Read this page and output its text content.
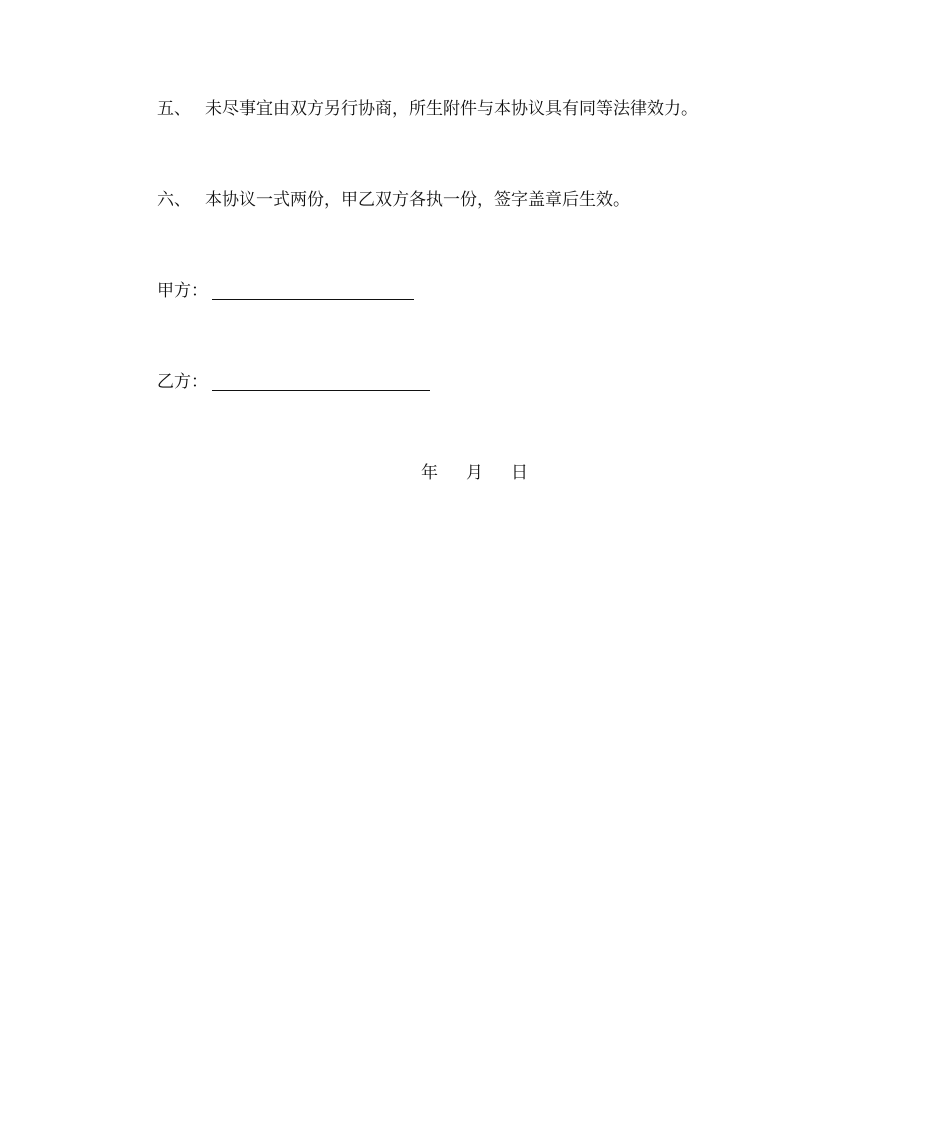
五、 未尽事宜由双方另行协商，所生附件与本协议具有同等法律效力。
六、 本协议一式两份，甲乙双方各执一份，签字盖章后生效。
甲方：
乙方：
年 月 日
